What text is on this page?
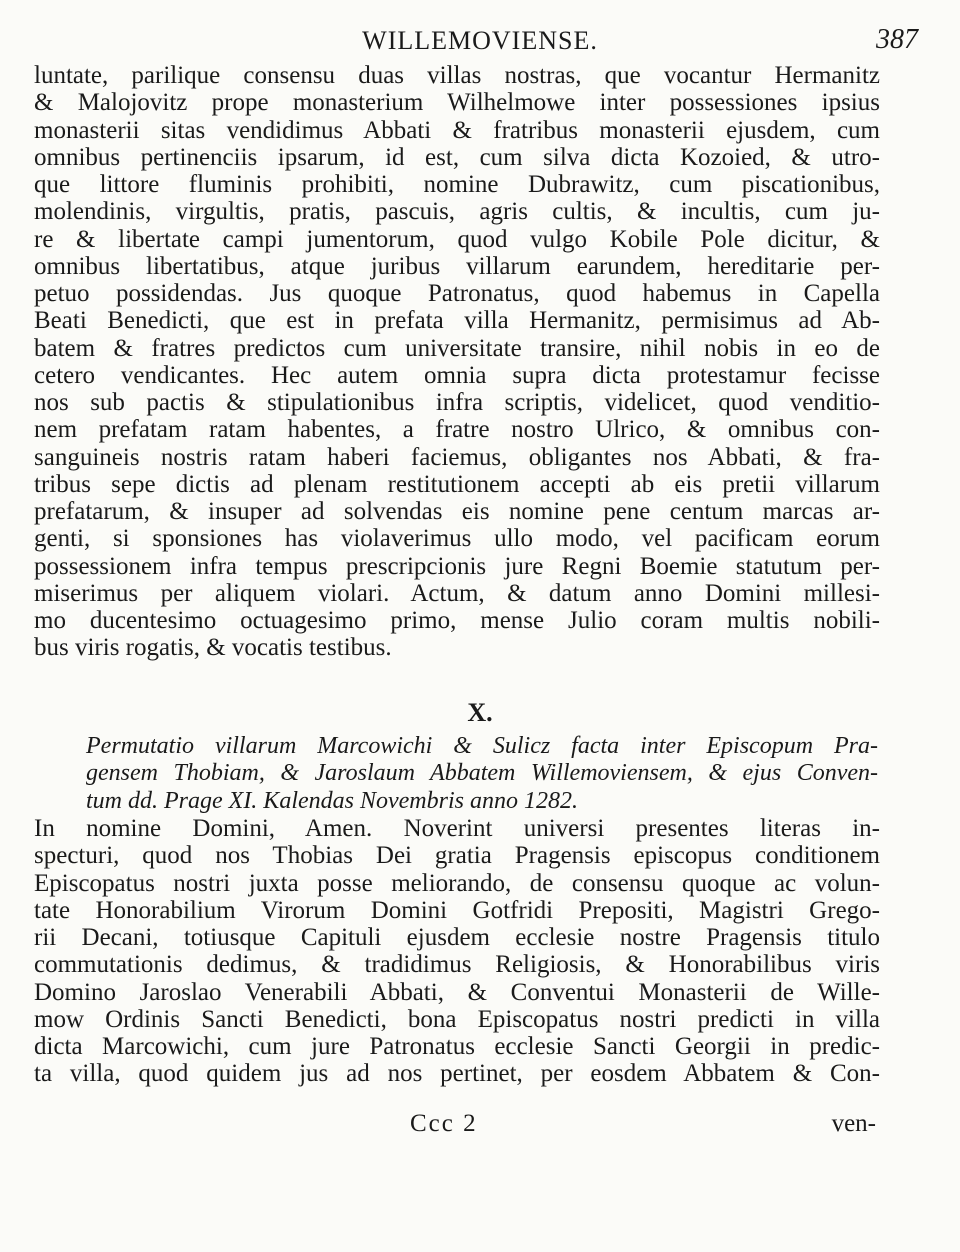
WILLEMOVIENSE.	387

luntate, parilique consensu duas villas nostras, que vocantur Hermanitz

& Malojovitz prope monasterium Wilhelmowe inter possessiones ipsius

monasterii sitas vendidimus Abbati & fratribus monasterii ejusdem, cum

omnibus pertinenciis ipsarum, id est, cum silva dicta Kozoied, & utro-

que littore fluminis prohibiti, nomine Dubrawitz, cum piscationibus,

molendinis, virgultis, pratis, pascuis, agris cultis, & incultis, cum ju-

re & libertate campi jumentorum, quod vulgo Kobile Pole dicitur, &

omnibus libertatibus, atque juribus villarum earundem, hereditarie per-

petuo possidendas. Jus quoque Patronatus, quod habemus in Capella

Beati Benedicti, que est in prefata villa Hermanitz, permisimus ad Ab-

batem & fratres predictos cum universitate transire, nihil nobis in eo de

cetero vendicantes. Hec autem omnia supra dicta protestamur fecisse

nos sub pactis & stipulationibus infra scriptis, videlicet, quod venditio-

nem prefatam ratam habentes, a fratre nostro Ulrico, & omnibus con-

sanguineis nostris ratam haberi faciemus, obligantes nos Abbati, & fra-

tribus sepe dictis ad plenam restitutionem accepti ab eis pretii villarum

prefatarum, & insuper ad solvendas eis nomine pene centum marcas ar-

genti, si sponsiones has violaverimus ullo modo, vel pacificam eorum

possessionem infra tempus prescripcionis jure Regni Boemie statutum per-

miserimus per aliquem violari. Actum, & datum anno Domini millesi-

mo ducentesimo octuagesimo primo, mense Julio coram multis nobili-

bus viris rogatis, & vocatis testibus.

X.

Permutatio villarum Marcowichi & Sulicz facta inter Episcopum Pra-

gensem Thobiam, & Jaroslaum Abbatem Willemoviensem, & ejus Conven-

tum dd. Prage XI. Kalendas Novembris anno 1282.

In nomine Domini, Amen. Noverint universi presentes literas in-

specturi, quod nos Thobias Dei gratia Pragensis episcopus conditionem

Episcopatus nostri juxta posse meliorando, de consensu quoque ac volun-

tate Honorabilium Virorum Domini Gotfridi Prepositi, Magistri Grego-

rii Decani, totiusque Capituli ejusdem ecclesie nostre Pragensis titulo

commutationis dedimus, & tradidimus Religiosis, & Honorabilibus viris

Domino Jaroslao Venerabili Abbati, & Conventui Monasterii de Wille-

mow Ordinis Sancti Benedicti, bona Episcopatus nostri predicti in villa

dicta Marcowichi, cum jure Patronatus ecclesie Sancti Georgii in predic-

ta villa, quod quidem jus ad nos pertinet, per eosdem Abbatem & Con-

Ccc 2	ven-
